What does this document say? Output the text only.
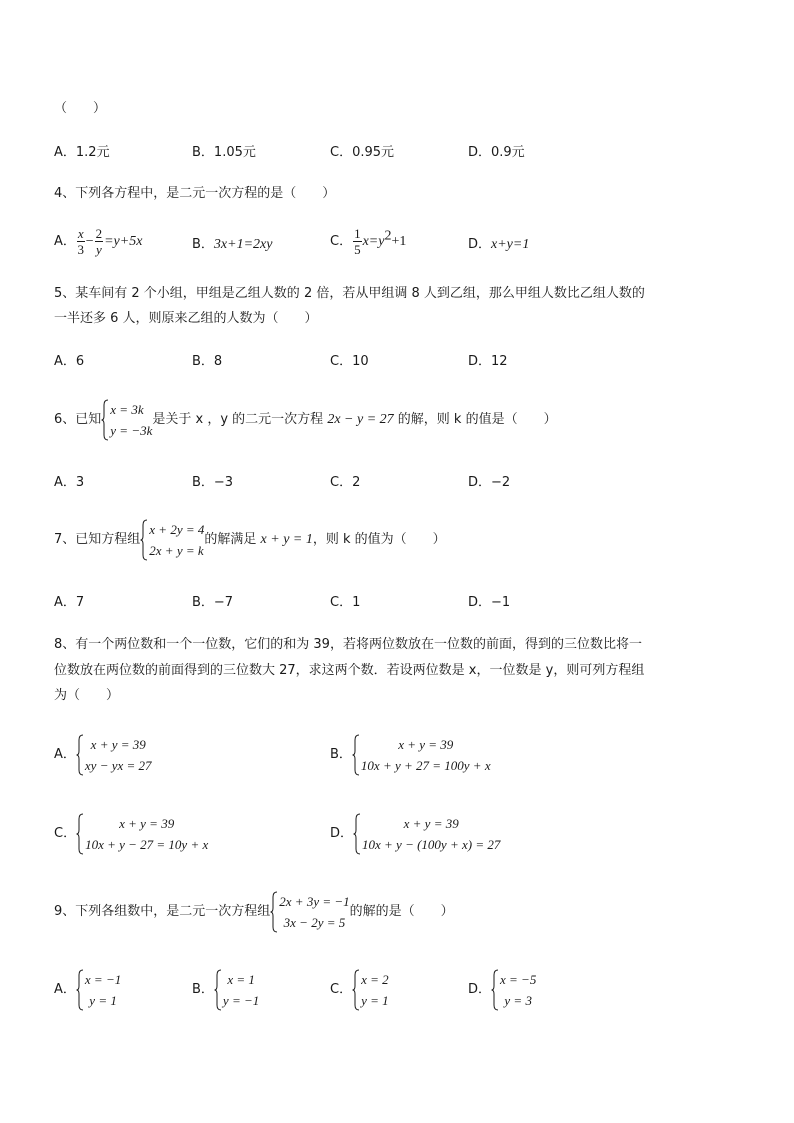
（　　）
A．1.2元	B．1.05元	C．0.95元	D．0.9元
4、下列各方程中，是二元一次方程的是（　　）
A． $\frac{x}{3} - \frac{2}{y} =y+5x$	B．3x+1=2xy	C． $\frac{1}{5} x=y^2+1$	D．x+y=1
5、某车间有 2 个小组，甲组是乙组人数的 2 倍，若从甲组调 8 人到乙组，那么甲组人数比乙组人数的
一半还多 6 人，则原来乙组的人数为（　　）
A．6	B．8	C．10	D．12
6、已知
x = 3k
y = −3k
是关于 x ，y 的二元一次方程 2x − y = 27 的解，则 k 的值是（　　）
A．3	B．−3	C．2	D．−2
7、已知方程组
x + 2y = 4
2x + y = k
的解满足 x + y = 1，则 k 的值为（　　）
A．7	B．−7	C．1	D．−1
8、有一个两位数和一个一位数，它们的和为 39，若将两位数放在一位数的前面，得到的三位数比将一
位数放在两位数的前面得到的三位数大 27，求这两个数．若设两位数是 x，一位数是 y，则可列方程组
为（　　）
A．
x + y = 39
xy − yx = 27
B．
x + y = 39
10x + y + 27 = 100y + x
C．
x + y = 39
10x + y − 27 = 10y + x
D．
x + y = 39
10x + y − (100y + x) = 27
9、下列各组数中，是二元一次方程组
2x + 3y = −1
3x − 2y = 5
的解的是（　　）
A．
x = −1
y = 1
B．
x = 1
y = −1
C．
x = 2
y = 1
D．
x = −5
y = 3
